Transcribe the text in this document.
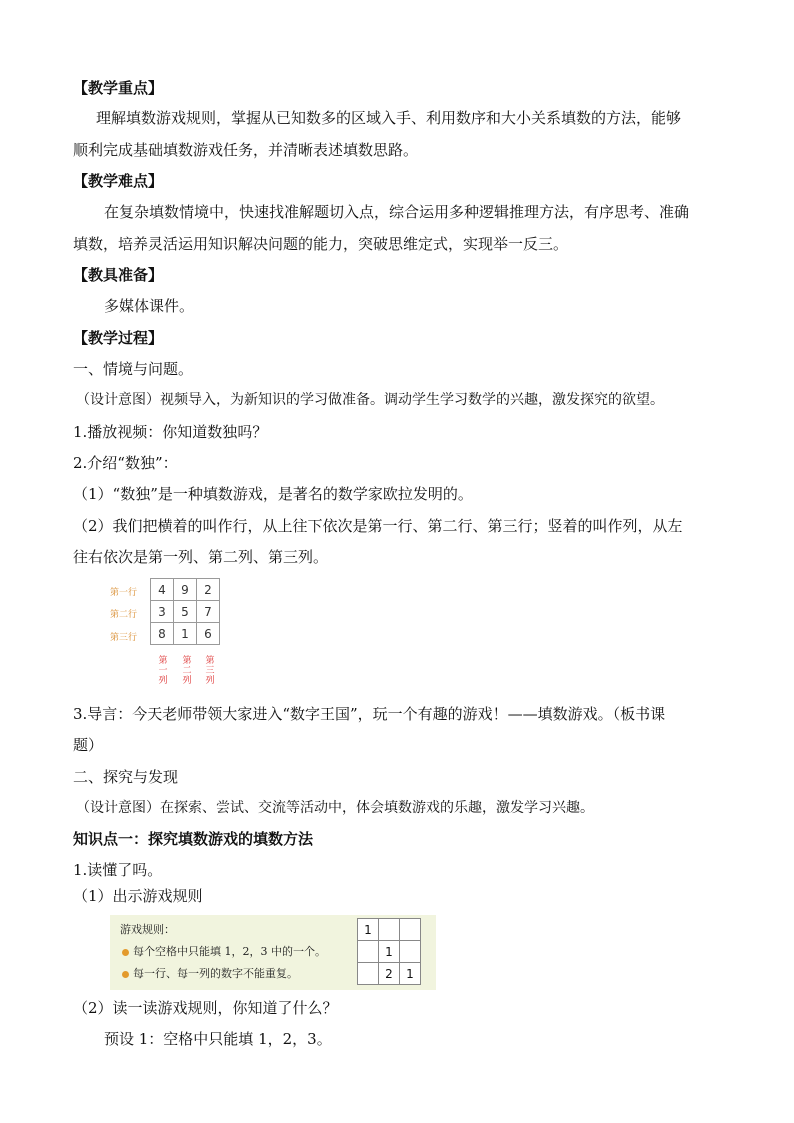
【教学重点】
理解填数游戏规则，掌握从已知数多的区域入手、利用数序和大小关系填数的方法，能够
顺利完成基础填数游戏任务，并清晰表述填数思路。
【教学难点】
在复杂填数情境中，快速找准解题切入点，综合运用多种逻辑推理方法，有序思考、准确
填数，培养灵活运用知识解决问题的能力，突破思维定式，实现举一反三。
【教具准备】
多媒体课件。
【教学过程】
一、情境与问题。
（设计意图）视频导入，为新知识的学习做准备。调动学生学习数学的兴趣，激发探究的欲望。
1.播放视频：你知道数独吗？
2.介绍“数独”：
（1）“数独”是一种填数游戏，是著名的数学家欧拉发明的。
（2）我们把横着的叫作行，从上往下依次是第一行、第二行、第三行；竖着的叫作列，从左
往右依次是第一列、第二列、第三列。
第一行
第二行
第三行
4	9	2
3	5	7
8	1	6
第
一
列
第
二
列
第
三
列
3.导言：今天老师带领大家进入“数字王国”，玩一个有趣的游戏！——填数游戏。（板书课
题）
二、探究与发现
（设计意图）在探索、尝试、交流等活动中，体会填数游戏的乐趣，激发学习兴趣。
知识点一：探究填数游戏的填数方法
1.读懂了吗。
（1）出示游戏规则
游戏规则：
每个空格中只能填 1，2，3 中的一个。
每一行、每一列的数字不能重复。
1		
	1	
	2	1
（2）读一读游戏规则，你知道了什么？
预设 1：空格中只能填 1，2，3。
